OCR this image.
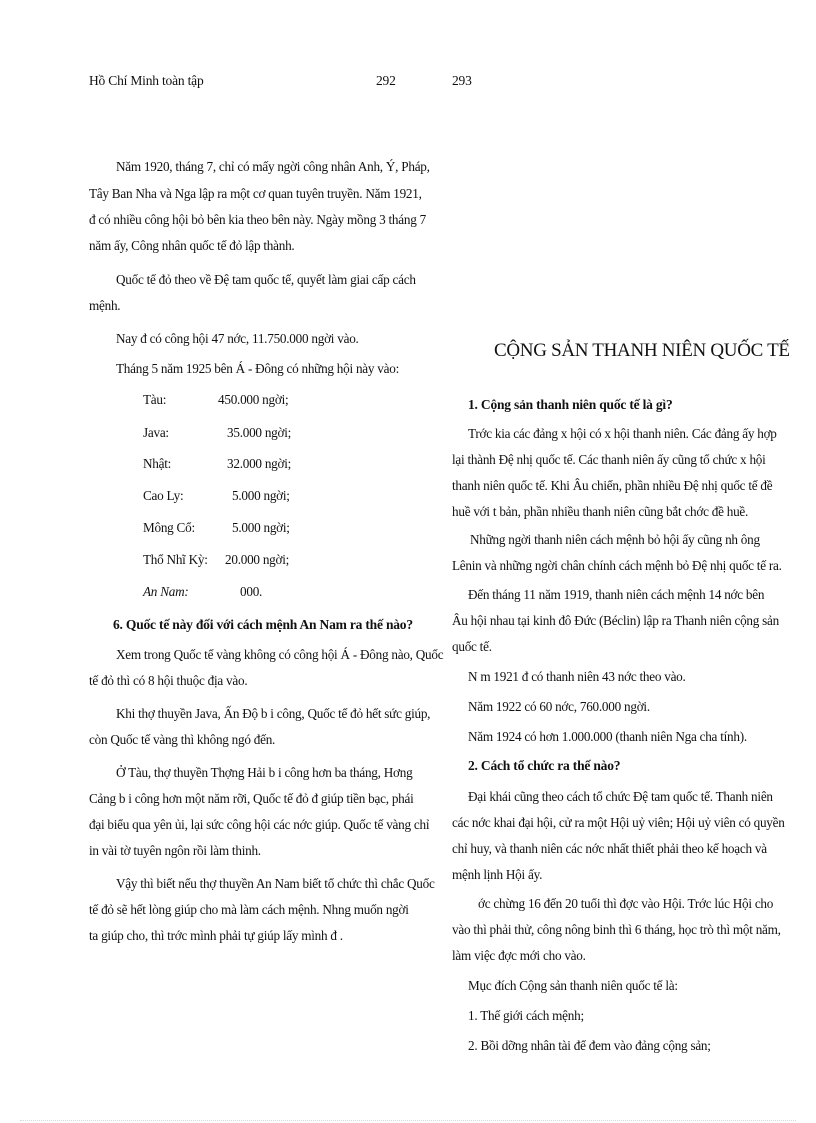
Hồ Chí Minh toàn tập	292	293
Năm 1920, tháng 7, chỉ có mấy ngời công nhân Anh, Ý, Pháp,
Tây Ban Nha và Nga lập ra một cơ quan tuyên truyền. Năm 1921,
đ có nhiều công hội bỏ bên kia theo bên này. Ngày mồng 3 tháng 7
năm ấy, Công nhân quốc tế đỏ lập thành.
Quốc tế đỏ theo về Đệ tam quốc tế, quyết làm giai cấp cách
mệnh.
Nay đ có công hội 47 nớc, 11.750.000 ngời vào.
Tháng 5 năm 1925 bên Á - Đông có những hội này vào:
Tàu:	450.000 ngời;
Java:	35.000 ngời;
Nhật:	32.000 ngời;
Cao Ly:	5.000 ngời;
Mông Cổ:	5.000 ngời;
Thổ Nhĩ Kỳ: 20.000 ngời;
An Nam:	000.
6. Quốc tế này đối với cách mệnh An Nam ra thế nào?
Xem trong Quốc tế vàng không có công hội Á - Đông nào, Quốc
tế đỏ thì có 8 hội thuộc địa vào.
Khi thợ thuyền Java, Ấn Độ b i công, Quốc tế đỏ hết sức giúp,
còn Quốc tế vàng thì không ngó đến.
Ở Tàu, thợ thuyền Thợng Hải b i công hơn ba tháng, Hơng
Cảng b i công hơn một năm rỡi, Quốc tế đỏ đ giúp tiền bạc, phái
đại biểu qua yên ủi, lại sức công hội các nớc giúp. Quốc tế vàng chỉ
in vài tờ tuyên ngôn rồi làm thinh.
Vậy thì biết nếu thợ thuyền An Nam biết tổ chức thì chắc Quốc
tế đỏ sẽ hết lòng giúp cho mà làm cách mệnh. Nhng muốn ngời
ta giúp cho, thì trớc mình phải tự giúp lấy mình đ .
CỘNG SẢN THANH NIÊN QUỐC TẾ
1. Cộng sản thanh niên quốc tế là gì?
Trớc kia các đảng x hội có x hội thanh niên. Các đảng ấy hợp
lại thành Đệ nhị quốc tế. Các thanh niên ấy cũng tổ chức x hội
thanh niên quốc tế. Khi Âu chiến, phần nhiều Đệ nhị quốc tế đề
huề với t bản, phần nhiều thanh niên cũng bắt chớc đề huề.
Những ngời thanh niên cách mệnh bỏ hội ấy cũng nh ông
Lênin và những ngời chân chính cách mệnh bỏ Đệ nhị quốc tế ra.
Đến tháng 11 năm 1919, thanh niên cách mệnh 14 nớc bên
Âu hội nhau tại kinh đô Đức (Béclin) lập ra Thanh niên cộng sản
quốc tế.
N m 1921 đ có thanh niên 43 nớc theo vào.
Năm 1922 có 60 nớc, 760.000 ngời.
Năm 1924 có hơn 1.000.000 (thanh niên Nga cha tính).
2. Cách tổ chức ra thế nào?
Đại khái cũng theo cách tổ chức Đệ tam quốc tế. Thanh niên
các nớc khai đại hội, cử ra một Hội uỷ viên; Hội uỷ viên có quyền
chỉ huy, và thanh niên các nớc nhất thiết phải theo kế hoạch và
mệnh lịnh Hội ấy.
ớc chừng 16 đến 20 tuổi thì đợc vào Hội. Trớc lúc Hội cho
vào thì phải thử, công nông binh thì 6 tháng, học trò thì một năm,
làm việc đợc mới cho vào.
Mục đích Cộng sản thanh niên quốc tế là:
1. Thế giới cách mệnh;
2. Bồi dỡng nhân tài để đem vào đảng cộng sản;
